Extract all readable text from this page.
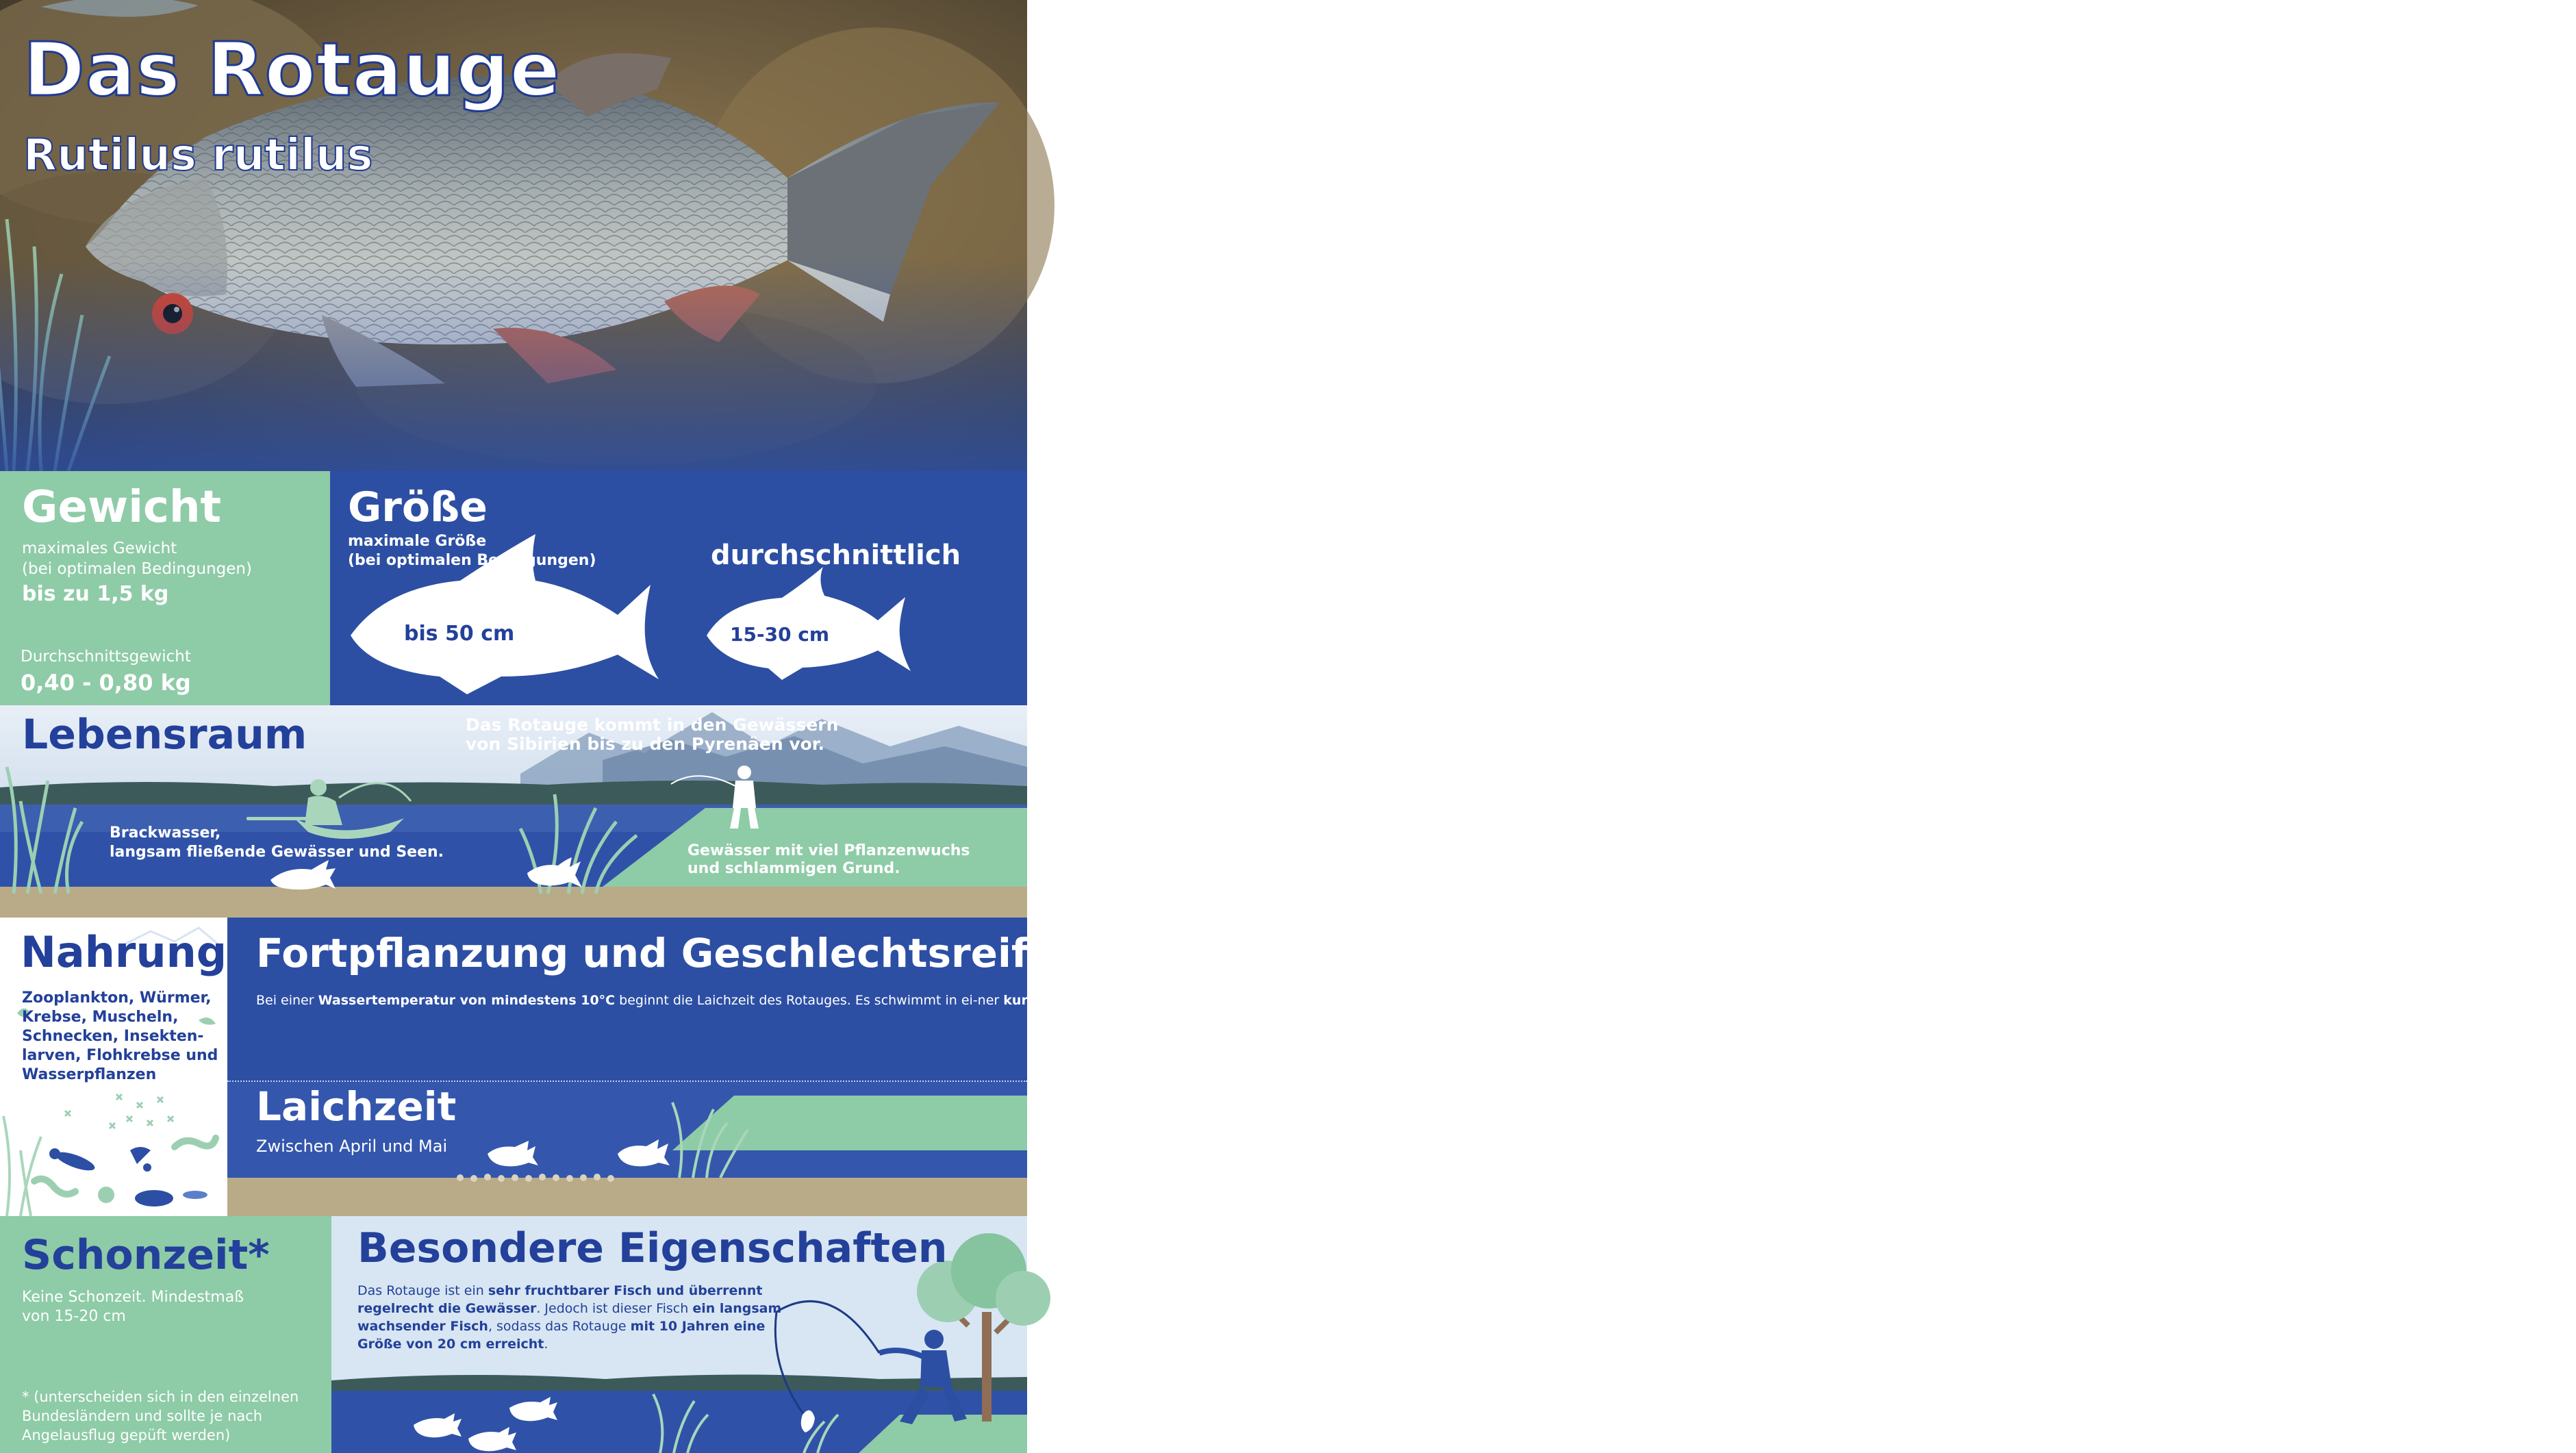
Das Rotauge
Rutilus rutilus
Gewicht
maximales Gewicht
(bei optimalen Bedingungen)
bis zu 1,5 kg
Durchschnittsgewicht
0,40 - 0,80 kg
Größe
maximale Größe
(bei optimalen Bedingungen)	durchschnittlich
bis 50 cm	15-30 cm
Lebensraum	Das Rotauge kommt in den Gewässern
von Sibirien bis zu den Pyrenäen vor.
Brackwasser,
langsam fließende Gewässer und Seen.	Gewässer mit viel Pflanzenwuchs
und schlammigen Grund.
Nahrung
Zooplankton, Würmer,
Krebse, Muscheln,
Schnecken, Insekten-
larven, Flohkrebse und
Wasserpflanzen
Fortpflanzung und Geschlechtsreife
Bei einer Wassertemperatur von mindestens 10°C beginnt die Laichzeit des Rotauges. Es schwimmt in ei-ner kurzen Laichwanderung ans flache Ufer mit viel Kraut, wo das Weibchen ca. 25.000 bis 1000.000 Eier an Wasserpflanzen ablegt. Nach 5-10 Tage schlüpfen die Larven und werden ab dem 2. Lebensjahr geschlechtsreif.
Laichzeit
Zwischen April und Mai
Schonzeit*
Keine Schonzeit. Mindestmaß
von 15-20 cm
* (unterscheiden sich in den einzelnen Bundesländern und sollte je nach Angelausflug gepüft werden)
Besondere Eigenschaften
Das Rotauge ist ein sehr fruchtbarer Fisch und überrennt regelrecht die Gewässer. Jedoch ist dieser Fisch ein langsam wachsender Fisch, sodass das Rotauge mit 10 Jahren eine Größe von 20 cm erreicht.
